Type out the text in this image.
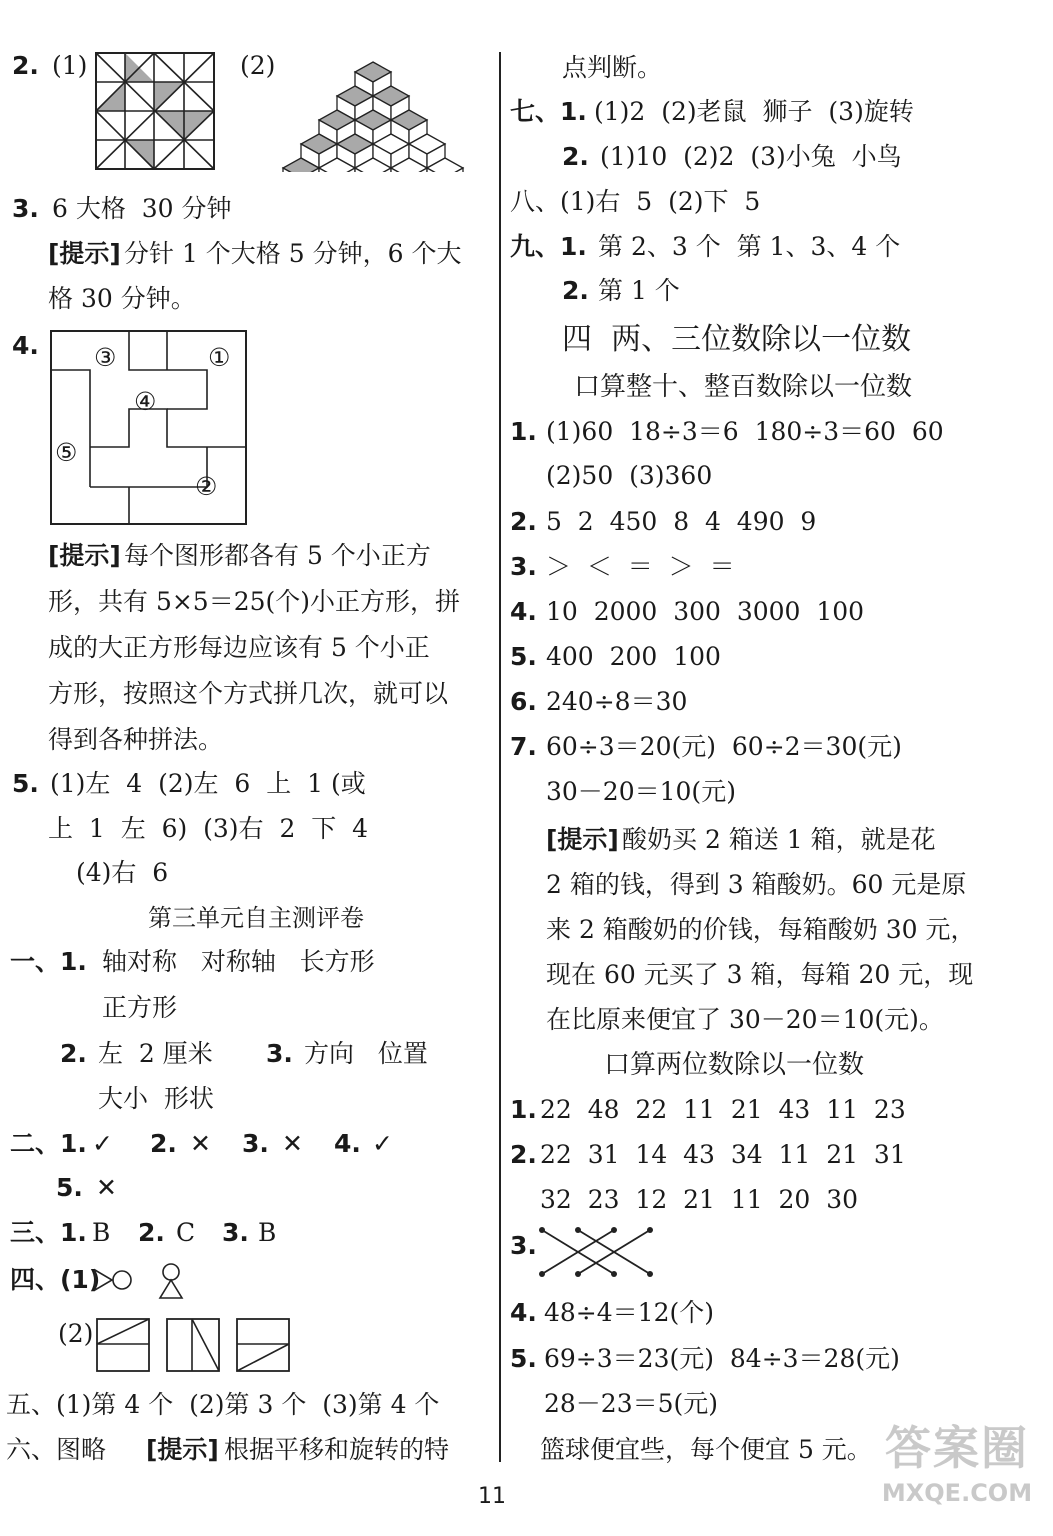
2. (1)	(2)
3. 6 大格  30 分钟
[提示] 分针 1 个大格 5 分钟，6 个大
格 30 分钟。
4. ③	①
④
⑤
②
[提示] 每个图形都各有 5 个小正方
形，共有 5×5＝25(个)小正方形，拼
成的大正方形每边应该有 5 个小正
方形，按照这个方式拼几次，就可以
得到各种拼法。
5. (1)左  4  (2)左  6  上  1 (或
上  1  左  6)  (3)右  2  下  4
(4)右  6
第三单元自主测评卷
一、1. 轴对称   对称轴   长方形
正方形
2. 左  2 厘米 3. 方向   位置
大小  形状
二、1. ✓ 2. ✕ 3. ✕ 4. ✓
5. ✕
三、1. B 2. C 3. B
四、(1)
(2)
五、(1)第 4 个  (2)第 3 个  (3)第 4 个
六、图略 [提示] 根据平移和旋转的特
点判断。
七、1. (1)2  (2)老鼠  狮子  (3)旋转
2. (1)10  (2)2  (3)小兔  小鸟
八、(1)右  5  (2)下  5
九、1. 第 2、3 个  第 1、3、4 个
2. 第 1 个
四  两、三位数除以一位数
口算整十、整百数除以一位数
1. (1)60  18÷3＝6  180÷3＝60  60
(2)50  (3)360
2. 5  2  450  8  4  490  9
3. ＞  ＜  ＝  ＞  ＝
4. 10  2000  300  3000  100
5. 400  200  100
6. 240÷8＝30
7. 60÷3＝20(元)  60÷2＝30(元)
30－20＝10(元)
[提示] 酸奶买 2 箱送 1 箱，就是花
2 箱的钱，得到 3 箱酸奶。60 元是原
来 2 箱酸奶的价钱，每箱酸奶 30 元，
现在 60 元买了 3 箱，每箱 20 元，现
在比原来便宜了 30－20＝10(元)。
口算两位数除以一位数
1. 22  48  22  11  21  43  11  23
2. 22  31  14  43  34  11  21  31
32  23  12  21  11  20  30
3.
4. 48÷4＝12(个)
5. 69÷3＝23(元)  84÷3＝28(元)
28－23＝5(元)
篮球便宜些，每个便宜 5 元。
11
答案圈
MXQE.COM
